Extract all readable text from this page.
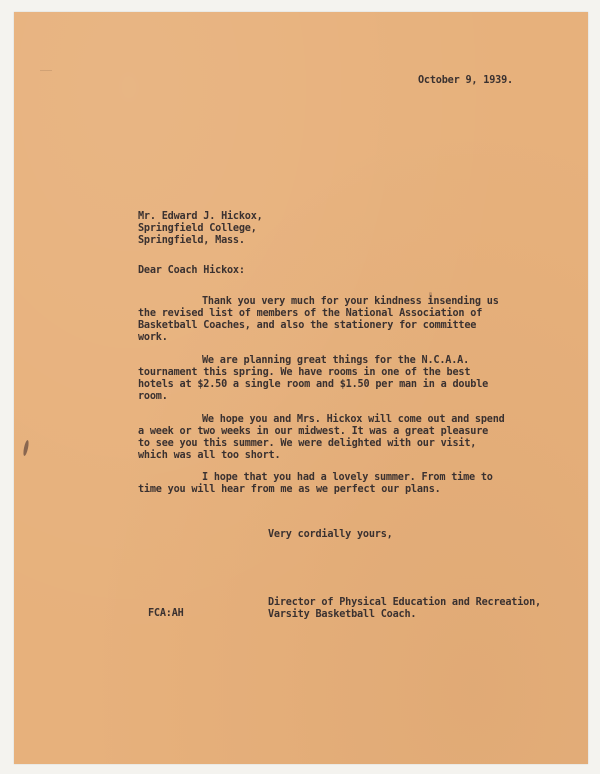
October 9, 1939.
Mr. Edward J. Hickox,
Springfield College,
Springfield, Mass.
Dear Coach Hickox:
Thank you very much for your kindness insending us
the revised list of members of the National Association of
Basketball Coaches, and also the stationery for committee
work.
We are planning great things for the N.C.A.A.
tournament this spring. We have rooms in one of the best
hotels at $2.50 a single room and $1.50 per man in a double
room.
We hope you and Mrs. Hickox will come out and spend
a week or two weeks in our midwest. It was a great pleasure
to see you this summer. We were delighted with our visit,
which was all too short.
I hope that you had a lovely summer. From time to
time you will hear from me as we perfect our plans.
Very cordially yours,
Director of Physical Education and Recreation,
FCA:AH	Varsity Basketball Coach.
